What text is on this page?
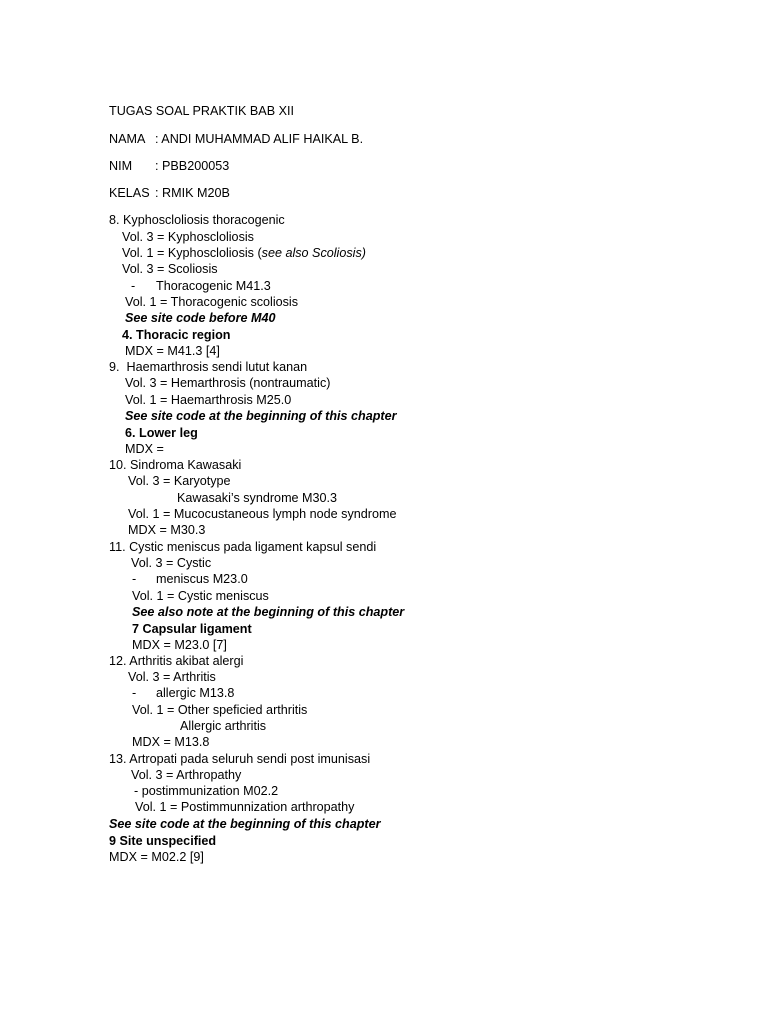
TUGAS SOAL PRAKTIK BAB XII
NAMA : ANDI MUHAMMAD ALIF HAIKAL B.
NIM : PBB200053
KELAS : RMIK M20B
8. Kyphoscloliosis thoracogenic
Vol. 3 = Kyphoscloliosis
Vol. 1 = Kyphoscloliosis (see also Scoliosis)
Vol. 3 = Scoliosis
- Thoracogenic M41.3
Vol. 1 = Thoracogenic scoliosis
See site code before M40
4. Thoracic region
MDX = M41.3 [4]
9.  Haemarthrosis sendi lutut kanan
Vol. 3 = Hemarthrosis (nontraumatic)
Vol. 1 = Haemarthrosis M25.0
See site code at the beginning of this chapter
6. Lower leg
MDX =
10. Sindroma Kawasaki
Vol. 3 = Karyotype
Kawasaki’s syndrome M30.3
Vol. 1 = Mucocustaneous lymph node syndrome
MDX = M30.3
11. Cystic meniscus pada ligament kapsul sendi
Vol. 3 = Cystic
- meniscus M23.0
Vol. 1 = Cystic meniscus
See also note at the beginning of this chapter
7 Capsular ligament
MDX = M23.0 [7]
12. Arthritis akibat alergi
Vol. 3 = Arthritis
- allergic M13.8
Vol. 1 = Other speficied arthritis
Allergic arthritis
MDX = M13.8
13. Artropati pada seluruh sendi post imunisasi
Vol. 3 = Arthropathy
- postimmunization M02.2
Vol. 1 = Postimmunnization arthropathy
See site code at the beginning of this chapter
9 Site unspecified
MDX = M02.2 [9]
